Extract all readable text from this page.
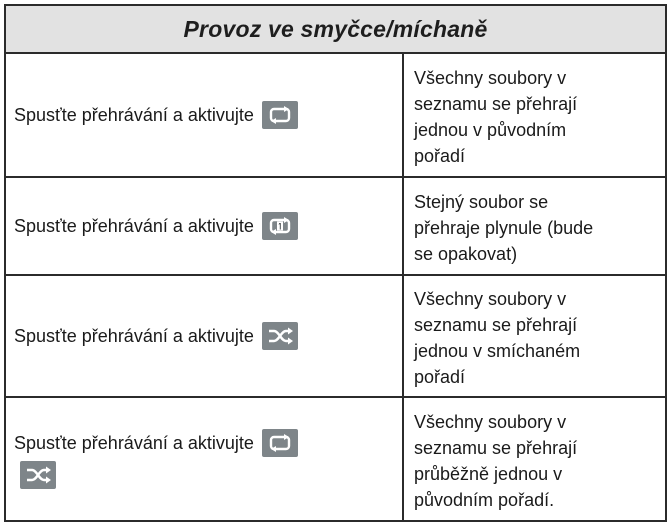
Provoz ve smyčce/míchaně
Spusťte přehrávání a aktivujte
Všechny soubory v
seznamu se přehrají
jednou v původním
pořadí
Spusťte přehrávání a aktivujte
Stejný soubor se
přehraje plynule (bude
se opakovat)
Spusťte přehrávání a aktivujte
Všechny soubory v
seznamu se přehrají
jednou v smíchaném
pořadí
Spusťte přehrávání a aktivujte
Všechny soubory v
seznamu se přehrají
průběžně jednou v
původním pořadí.
